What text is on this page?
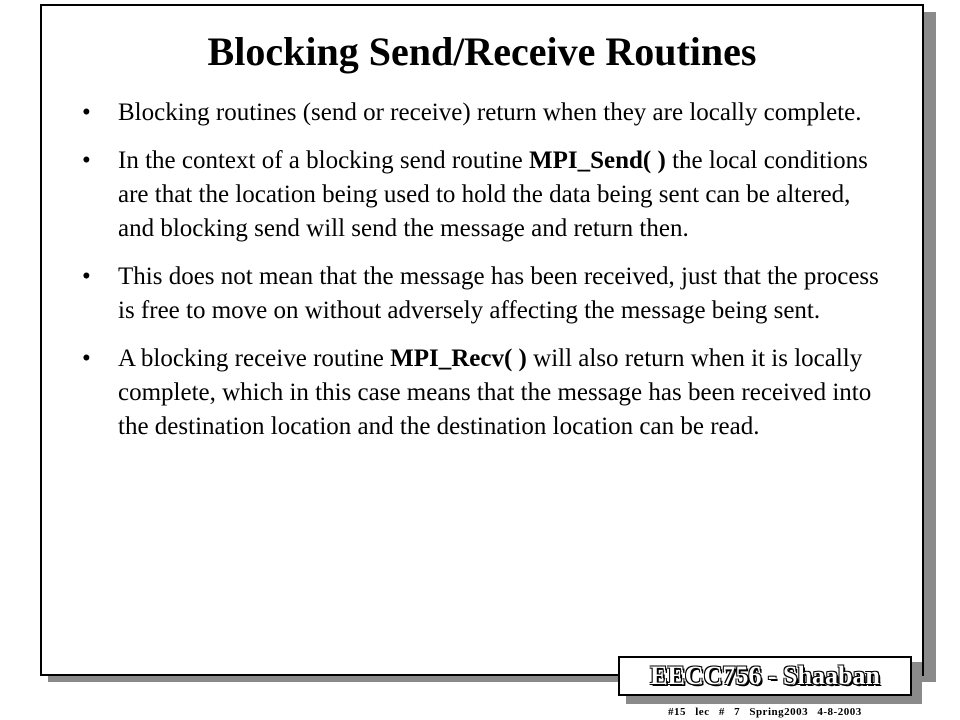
Blocking Send/Receive Routines
• Blocking routines (send or receive) return when they are locally complete.
• In the context of a blocking send routine MPI_Send( ) the local conditions are that the location being used to hold the data being sent can be altered, and blocking send will send the message and return then.
• This does not mean that the message has been received, just that the process is free to move on without adversely affecting the message being sent.
• A blocking receive routine MPI_Recv( ) will also return when it is locally complete, which in this case means that the message has been received into the destination location and the destination location can be read.
EECC756 - Shaaban
#15 lec # 7 Spring2003 4-8-2003
